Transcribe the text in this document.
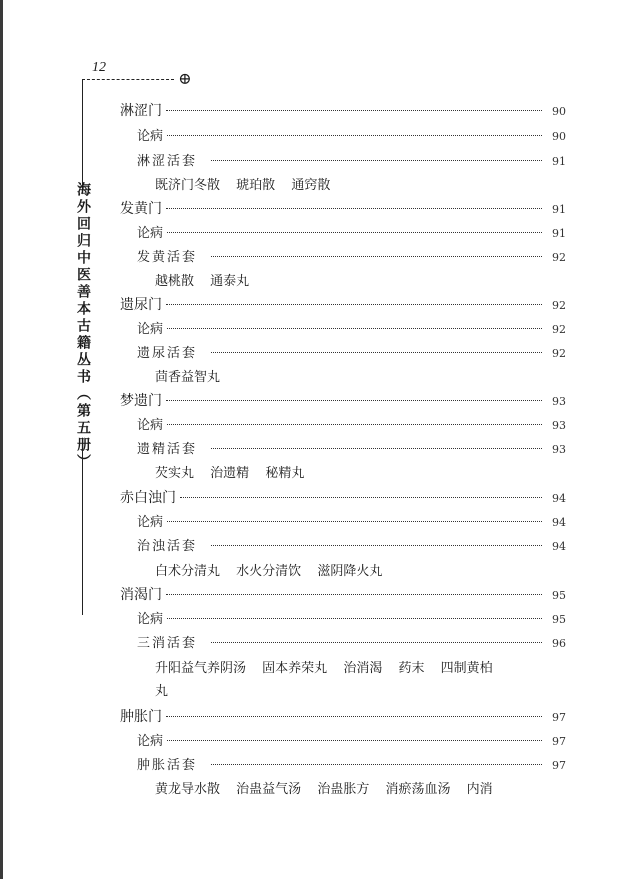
12
⊕
海外回归中医善本古籍丛书（第五册）
淋涩门	90
论病	90
淋涩活套	91
既济门冬散 琥珀散 通窍散
发黄门	91
论病	91
发黄活套	92
越桃散 通泰丸
遗尿门	92
论病	92
遗尿活套	92
茴香益智丸
梦遗门	93
论病	93
遗精活套	93
芡实丸 治遗精 秘精丸
赤白浊门	94
论病	94
治浊活套	94
白术分清丸 水火分清饮 滋阴降火丸
消渴门	95
论病	95
三消活套	96
升阳益气养阴汤 固本养荣丸 治消渴 药末 四制黄柏
丸
肿胀门	97
论病	97
肿胀活套	97
黄龙导水散 治蛊益气汤 治蛊胀方 消瘀荡血汤 内消
